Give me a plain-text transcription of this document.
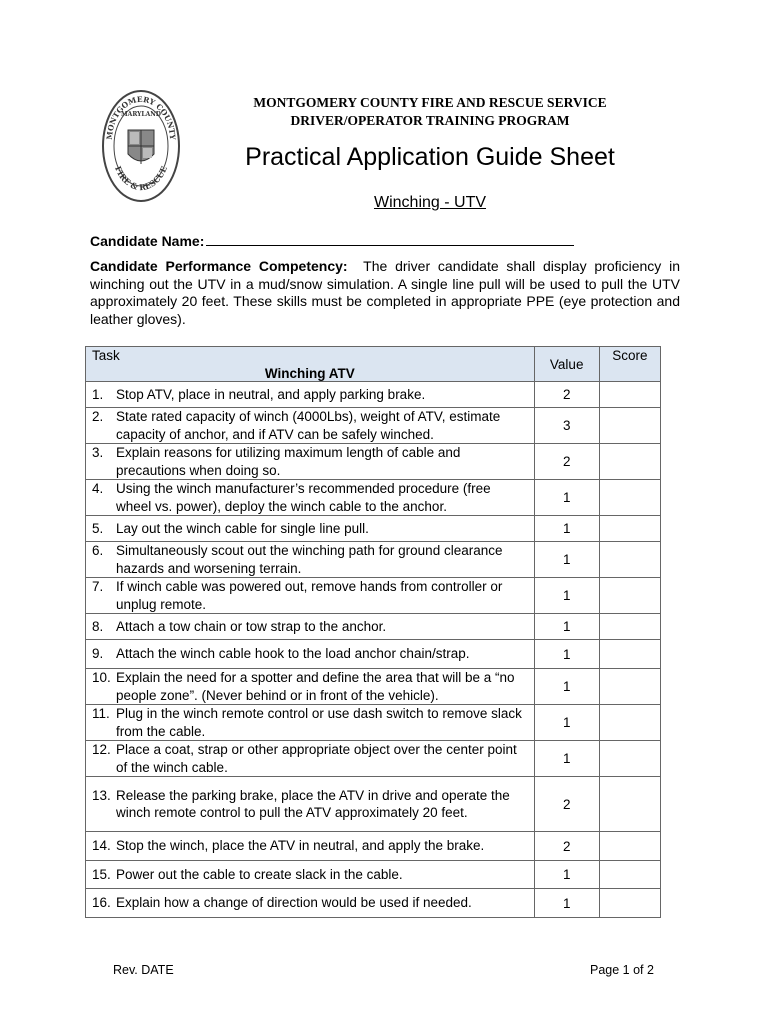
MONTGOMERY COUNTY
MARYLAND
FIRE & RESCUE
MONTGOMERY COUNTY FIRE AND RESCUE SERVICE
DRIVER/OPERATOR TRAINING PROGRAM
Practical Application Guide Sheet
Winching - UTV
Candidate Name:
Candidate Performance Competency: The driver candidate shall display proficiency in winching out the UTV in a mud/snow simulation. A single line pull will be used to pull the UTV approximately 20 feet. These skills must be completed in appropriate PPE (eye protection and leather gloves).
Task
Winching ATV	Value	Score

1. Stop ATV, place in neutral, and apply parking brake.	2	

2. State rated capacity of winch (4000Lbs), weight of ATV, estimate capacity of anchor, and if ATV can be safely winched.	3	

3. Explain reasons for utilizing maximum length of cable and precautions when doing so.	2	

4. Using the winch manufacturer’s recommended procedure (free wheel vs. power), deploy the winch cable to the anchor.	1	

5. Lay out the winch cable for single line pull.	1	

6. Simultaneously scout out the winching path for ground clearance hazards and worsening terrain.	1	

7. If winch cable was powered out, remove hands from controller or unplug remote.	1	

8. Attach a tow chain or tow strap to the anchor.	1	

9. Attach the winch cable hook to the load anchor chain/strap.	1	

10. Explain the need for a spotter and define the area that will be a “no people zone”. (Never behind or in front of the vehicle).	1	

11. Plug in the winch remote control or use dash switch to remove slack from the cable.	1	

12. Place a coat, strap or other appropriate object over the center point of the winch cable.	1	

13. Release the parking brake, place the ATV in drive and operate the winch remote control to pull the ATV approximately 20 feet.	2	

14. Stop the winch, place the ATV in neutral, and apply the brake.	2	

15. Power out the cable to create slack in the cable.	1	

16. Explain how a change of direction would be used if needed.	1	
Rev. DATE	Page 1 of 2
